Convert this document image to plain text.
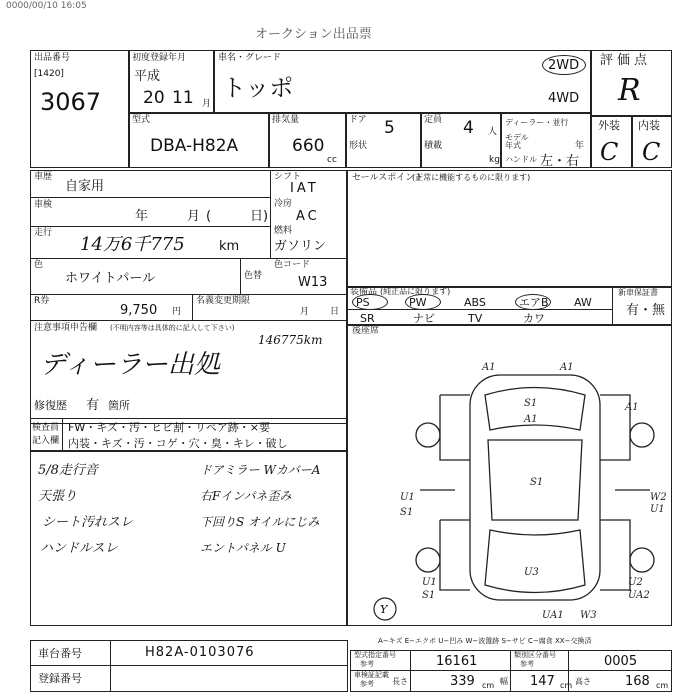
0000/00/10 16:05
オークション出品票
出品番号
[1420]
3067
初度登録年月
平成
20 11 月
車名・グレード
トッポ
2WD
4WD
評価点
R
外装 内装
C C
型式
DBA-H82A
排気量
660
cc
ドア 5
形状
定員 4 人
積載
kg
ディーラー・並行
モデル年式	年
ハンドル 左・右
車歴
自家用
車検
年	月 (	日)
走行
14万6千775	km
シフト
IAT
冷房
AC
燃料
ガソリン
色
ホワイトパール	色替
色コード
W13
R券
9,750 円
名義変更期限
月 日
注意事項申告欄 (不明内容等は具体的に記入して下さい)
146775km
ディーラー出処
修復歴 有 箇所
セールスポイント
(正常に機能するものに限ります)
装備品 (純正品に限ります)
PS	PW	ABS	エアB AW
SR	ナビ	TV	カワ
新車保証書
有・無
後座席
検査員
記入欄
FW・キズ・汚・ヒビ割・リペア跡・×要
内装・キズ・汚・コゲ・穴・臭・キレ・破し
5/8走行音
天張り
シート汚れスレ
ハンドルスレ
ドアミラー WカバーA
右Fインパネ歪み
下回りS オイルにじみ
エントパネル U
A1	A1
S1
A1
A1
S1
U1
S1
W2
U1
U1
S1
U2
UA2
U3
UA1 W3
Y
A−キズ E−エクボ U−凹み W−波盤跡 S−サビ C−腐食 XX−交換済
車台番号	H82A-0103076
登録番号
型式指定番号
参考	16161	類別区分番号
参考	0005
車検証記載
参考 長さ	339 cm 幅 147 cm 高さ	168 cm
